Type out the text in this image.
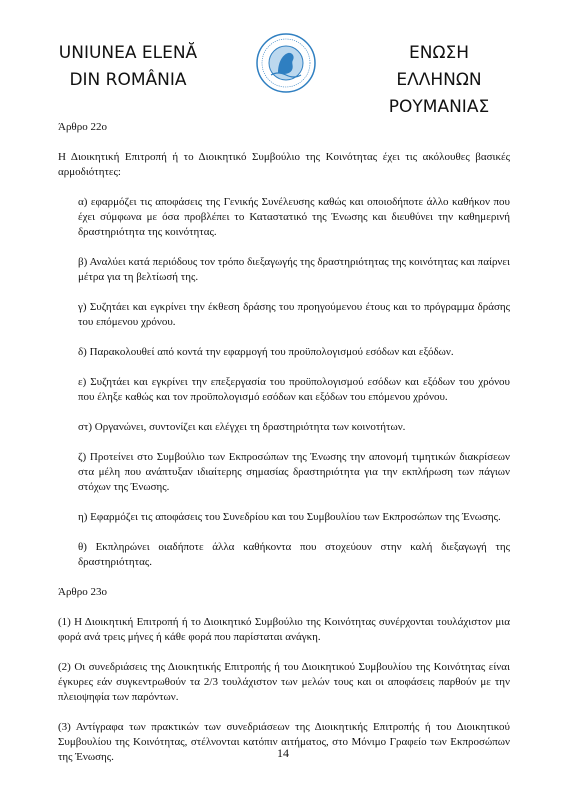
UNIUNEA ELENĂ
DIN ROMÂNIA
ΕΝΩΣΗ ΕΛΛΗΝΩΝ
ΡΟΥΜΑΝΙΑΣ

Άρθρο 22ο

Η Διοικητική Επιτροπή ή το Διοικητικό Συμβούλιο της Κοινότητας έχει τις ακόλουθες βασικές αρμοδιότητες:

α) εφαρμόζει τις αποφάσεις της Γενικής Συνέλευσης καθώς και οποιοδήποτε άλλο καθήκον που έχει σύμφωνα με όσα προβλέπει το Καταστατικό της Ένωσης και διευθύνει την καθημερινή δραστηριότητα της κοινότητας.

β) Αναλύει κατά περιόδους τον τρόπο διεξαγωγής της δραστηριότητας της κοινότητας και παίρνει μέτρα για τη βελτίωσή της.

γ) Συζητάει και εγκρίνει την έκθεση δράσης του προηγούμενου έτους και το πρόγραμμα δράσης του επόμενου χρόνου.

δ) Παρακολουθεί από κοντά την εφαρμογή του προϋπολογισμού εσόδων και εξόδων.

ε) Συζητάει και εγκρίνει την επεξεργασία του προϋπολογισμού εσόδων και εξόδων του χρόνου που έληξε καθώς και τον προϋπολογισμό εσόδων και εξόδων του επόμενου χρόνου.

στ) Οργανώνει, συντονίζει και ελέγχει τη δραστηριότητα των κοινοτήτων.

ζ) Προτείνει στο Συμβούλιο των Εκπροσώπων της Ένωσης την απονομή τιμητικών διακρίσεων στα μέλη που ανάπτυξαν ιδιαίτερης σημασίας δραστηριότητα για την εκπλήρωση των πάγιων στόχων της Ένωσης.

η) Εφαρμόζει τις αποφάσεις του Συνεδρίου και του Συμβουλίου των Εκπροσώπων της Ένωσης.

θ) Εκπληρώνει οιαδήποτε άλλα καθήκοντα που στοχεύουν στην καλή διεξαγωγή της δραστηριότητας.

Άρθρο 23ο

(1) Η Διοικητική Επιτροπή ή το Διοικητικό Συμβούλιο της Κοινότητας συνέρχονται τουλάχιστον μια φορά ανά τρεις μήνες ή κάθε φορά που παρίσταται ανάγκη.

(2) Οι συνεδριάσεις της Διοικητικής Επιτροπής ή του Διοικητικού Συμβουλίου της Κοινότητας είναι έγκυρες εάν συγκεντρωθούν τα 2/3 τουλάχιστον των μελών τους και οι αποφάσεις παρθούν με την πλειοψηφία των παρόντων.

(3) Αντίγραφα των πρακτικών των συνεδριάσεων της Διοικητικής Επιτροπής ή του Διοικητικού Συμβουλίου της Κοινότητας, στέλνονται κατόπιν αιτήματος, στο Μόνιμο Γραφείο των Εκπροσώπων της Ένωσης.	14
